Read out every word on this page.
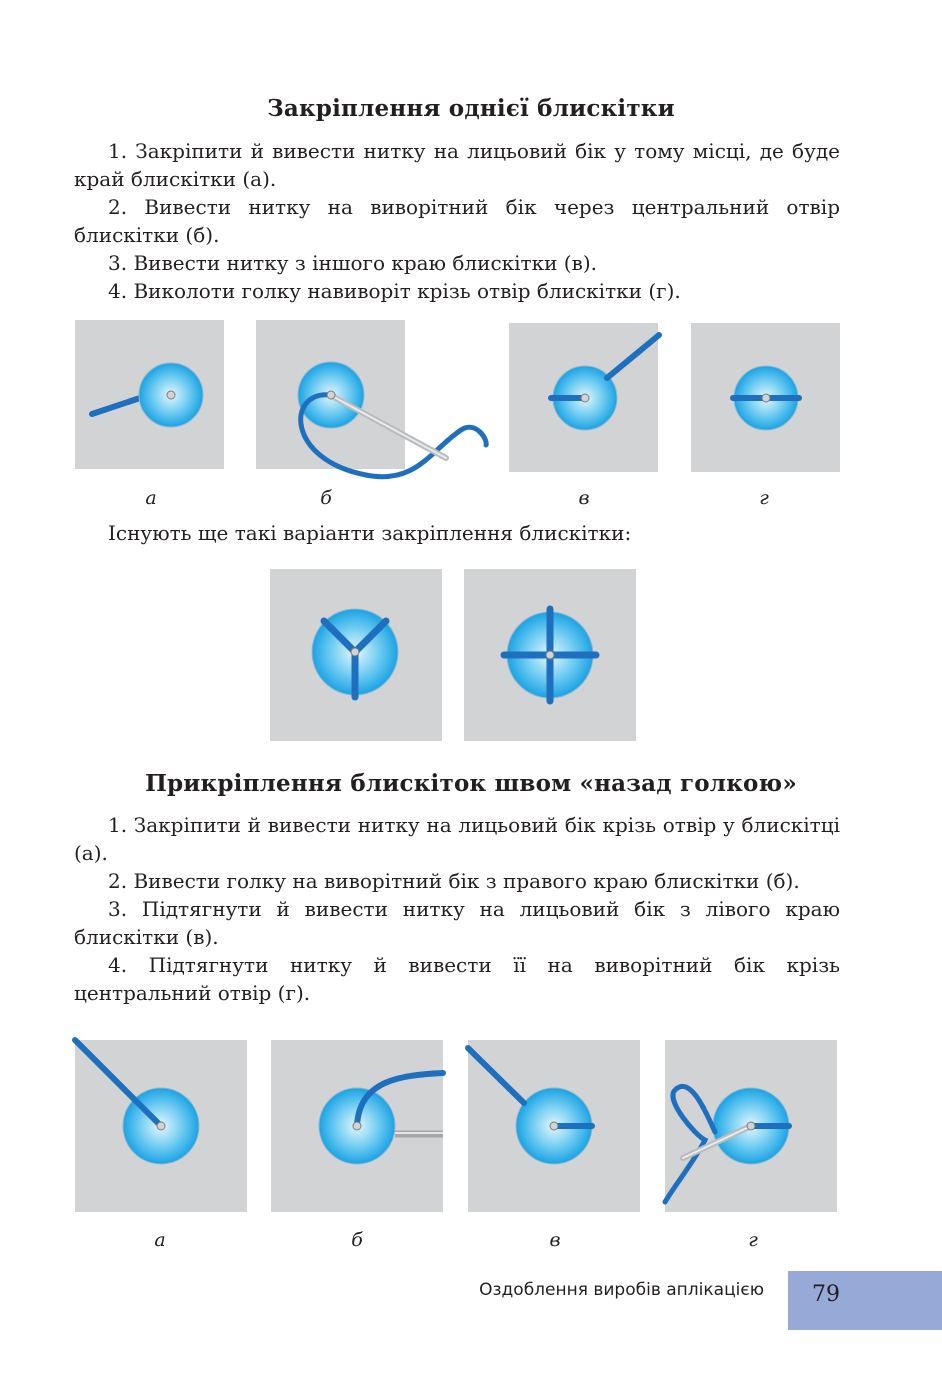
Закріплення однієї блискітки

1. Закріпити й вивести нитку на лицьовий бік у тому місці, де буде край блискітки (а).

2. Вивести нитку на виворітний бік через центральний отвір блискітки (б).

3. Вивести нитку з іншого краю блискітки (в).

4. Виколоти голку навиворіт крізь отвір блискітки (г).

а	б	в	г

Існують ще такі варіанти закріплення блискітки:

Прикріплення блискіток швом «назад голкою»

1. Закріпити й вивести нитку на лицьовий бік крізь отвір у блискітці (а).

2. Вивести голку на виворітний бік з правого краю блискітки (б).

3. Підтягнути й вивести нитку на лицьовий бік з лівого краю блискітки (в).

4. Підтягнути нитку й вивести її на виворітний бік крізь центральний отвір (г).

а	б	в	г
Оздоблення виробів аплікацією	79
